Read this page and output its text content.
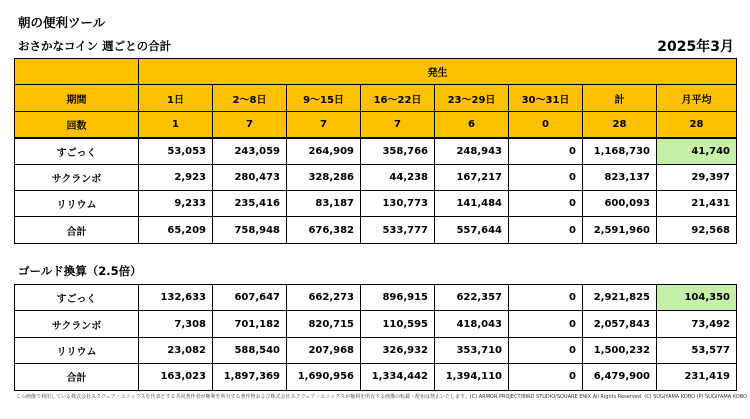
朝の便利ツール
おさかなコイン 週ごとの合計	2025年3月
	発生							
期間	1日	2～8日	9～15日	16～22日	23～29日	30～31日	計	月平均
回数	1	7	7	7	6	0	28	28
すごっく	53,053	243,059	264,909	358,766	248,943	0	1,168,730	41,740
サクランボ	2,923	280,473	328,286	44,238	167,217	0	823,137	29,397
リリウム	9,233	235,416	83,187	130,773	141,484	0	600,093	21,431
合計	65,209	758,948	676,382	533,777	557,644	0	2,591,960	92,568
ゴールド換算（2.5倍）
すごっく	132,633	607,647	662,273	896,915	622,357	0	2,921,825	104,350
サクランボ	7,308	701,182	820,715	110,595	418,043	0	2,057,843	73,492
リリウム	23,082	588,540	207,968	326,932	353,710	0	1,500,232	53,577
合計	163,023	1,897,369	1,690,956	1,334,442	1,394,110	0	6,479,900	231,419
この画像で利用している株式会社スクウェア・エニックスを代表とする共同著作者が権利を所有する著作物および株式会社スクウェア・エニックスが権利を所有する画像の転載・配布は禁止いたします。(C) ARMOR PROJECT/BIRD STUDIO/SQUARE ENIX All Rights Reserved. (C) SUGIYAMA KOBO (P) SUGIYAMA KOBO
